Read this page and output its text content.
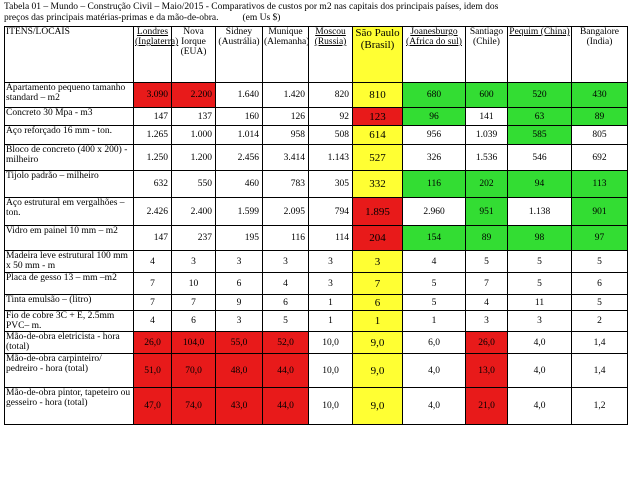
Tabela 01 – Mundo – Construção Civil – Maio/2015 - Comparativos de custos por m2 nas capitais dos principais países, idem dos
preços das principais matérias-primas e da mão-de-obra.	(em Us $)
ITENS/LOCAIS	Londres (Inglaterra)	Nova Iorque (EUA)	Sidney (Austrália)	Munique (Alemanha)	Moscou (Russia)	São Paulo (Brasil)	Joanesburgo (Africa do sul)	Santiago (Chile)	Pequim (China)	Bangalore (India)
Apartamento pequeno tamanho standard – m2	3.090	2.200	1.640	1.420	820	810	680	600	520	430
Concreto 30 Mpa - m3	147	137	160	126	92	123	96	141	63	89
Aço reforçado 16 mm - ton.	1.265	1.000	1.014	958	508	614	956	1.039	585	805
Bloco de concreto (400 x 200) - milheiro	1.250	1.200	2.456	3.414	1.143	527	326	1.536	546	692
Tijolo padrão – milheiro	632	550	460	783	305	332	116	202	94	113
Aço estrutural em vergalhões – ton.	2.426	2.400	1.599	2.095	794	1.895	2.960	951	1.138	901
Vidro em painel 10 mm – m2	147	237	195	116	114	204	154	89	98	97
Madeira leve estrutural 100 mm x 50 mm - m	4	3	3	3	3	3	4	5	5	5
Placa de gesso 13 – mm –m2	7	10	6	4	3	7	5	7	5	6
Tinta emulsão – (litro)	7	7	9	6	1	6	5	4	11	5
Fio de cobre 3C + E, 2.5mm PVC– m.	4	6	3	5	1	1	1	3	3	2
Mão-de-obra eletricista - hora (total)	26,0	104,0	55,0	52,0	10,0	9,0	6,0	26,0	4,0	1,4
Mão-de-obra carpinteiro/ pedreiro - hora (total)	51,0	70,0	48,0	44,0	10,0	9,0	4,0	13,0	4,0	1,4
Mão-de-obra pintor, tapeteiro ou gesseiro - hora (total)	47,0	74,0	43,0	44,0	10,0	9,0	4,0	21,0	4,0	1,2
